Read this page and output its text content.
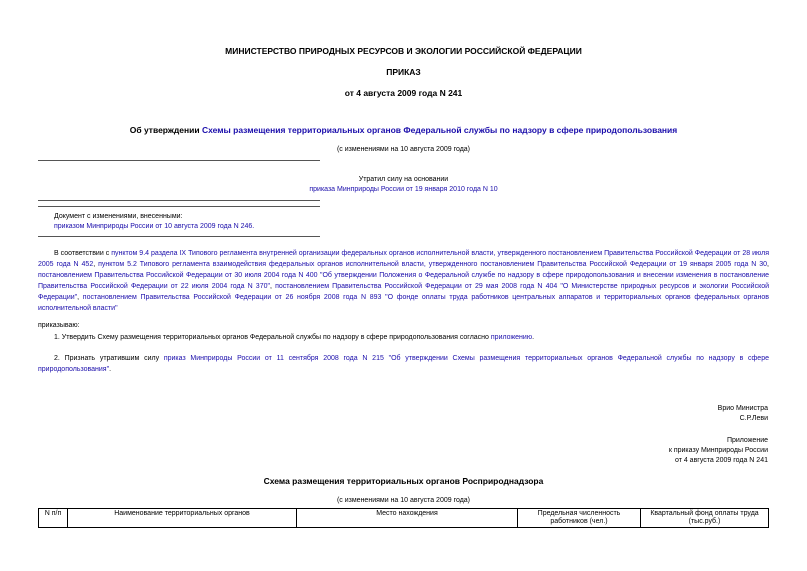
МИНИСТЕРСТВО ПРИРОДНЫХ РЕСУРСОВ И ЭКОЛОГИИ РОССИЙСКОЙ ФЕДЕРАЦИИ
ПРИКАЗ
от 4 августа 2009 года N 241
Об утверждении Схемы размещения территориальных органов Федеральной службы по надзору в сфере природопользования
(с изменениями на 10 августа 2009 года)
Утратил силу на основании
приказа Минприроды России от 19 января 2010 года N 10
Документ с изменениями, внесенными:
приказом Минприроды России от 10 августа 2009 года N 246.
В соответствии с пунктом 9.4 раздела IX Типового регламента внутренней организации федеральных органов исполнительной власти, утвержденного постановлением Правительства Российской Федерации от 28 июля 2005 года N 452, пунктом 5.2 Типового регламента взаимодействия федеральных органов исполнительной власти, утвержденного постановлением Правительства Российской Федерации от 19 января 2005 года N 30, постановлением Правительства Российской Федерации от 30 июля 2004 года N 400 "Об утверждении Положения о Федеральной службе по надзору в сфере природопользования и внесении изменения в постановление Правительства Российской Федерации от 22 июля 2004 года N 370", постановлением Правительства Российской Федерации от 29 мая 2008 года N 404 "О Министерстве природных ресурсов и экологии Российской Федерации", постановлением Правительства Российской Федерации от 26 ноября 2008 года N 893 "О фонде оплаты труда работников центральных аппаратов и территориальных органов федеральных органов исполнительной власти"
приказываю:
1. Утвердить Схему размещения территориальных органов Федеральной службы по надзору в сфере природопользования согласно приложению.
2. Признать утратившим силу приказ Минприроды России от 11 сентября 2008 года N 215 "Об утверждении Схемы размещения территориальных органов Федеральной службы по надзору в сфере природопользования".
Врио Министра
С.Р.Леви
Приложение
к приказу Минприроды России
от 4 августа 2009 года N 241
Схема размещения территориальных органов Росприроднадзора
(с изменениями на 10 августа 2009 года)
N п/п	Наименование территориальных органов	Место нахождения	Предельная численность работников (чел.)	Квартальный фонд оплаты труда (тыс.руб.)
